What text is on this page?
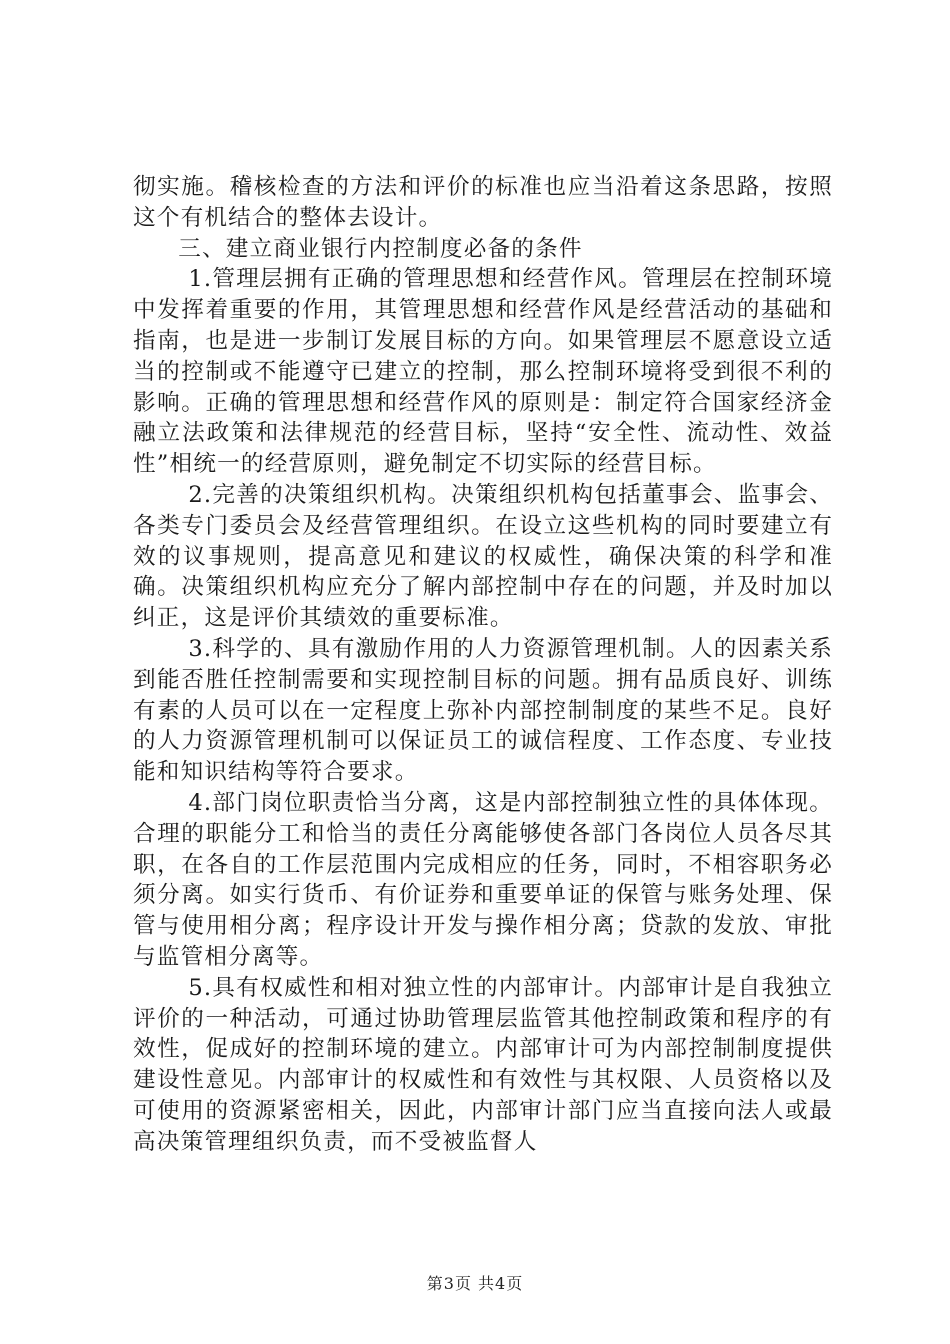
彻实施。稽核检查的方法和评价的标准也应当沿着这条思路，按照这个有机结合的整体去设计。

三、建立商业银行内控制度必备的条件

1.管理层拥有正确的管理思想和经营作风。管理层在控制环境中发挥着重要的作用，其管理思想和经营作风是经营活动的基础和指南，也是进一步制订发展目标的方向。如果管理层不愿意设立适当的控制或不能遵守已建立的控制，那么控制环境将受到很不利的影响。正确的管理思想和经营作风的原则是：制定符合国家经济金融立法政策和法律规范的经营目标，坚持“安全性、流动性、效益性”相统一的经营原则，避免制定不切实际的经营目标。

2.完善的决策组织机构。决策组织机构包括董事会、监事会、各类专门委员会及经营管理组织。在设立这些机构的同时要建立有效的议事规则，提高意见和建议的权威性，确保决策的科学和准确。决策组织机构应充分了解内部控制中存在的问题，并及时加以纠正，这是评价其绩效的重要标准。

3.科学的、具有激励作用的人力资源管理机制。人的因素关系到能否胜任控制需要和实现控制目标的问题。拥有品质良好、训练有素的人员可以在一定程度上弥补内部控制制度的某些不足。良好的人力资源管理机制可以保证员工的诚信程度、工作态度、专业技能和知识结构等符合要求。

4.部门岗位职责恰当分离，这是内部控制独立性的具体体现。合理的职能分工和恰当的责任分离能够使各部门各岗位人员各尽其职，在各自的工作层范围内完成相应的任务，同时，不相容职务必须分离。如实行货币、有价证券和重要单证的保管与账务处理、保管与使用相分离；程序设计开发与操作相分离；贷款的发放、审批与监管相分离等。

5.具有权威性和相对独立性的内部审计。内部审计是自我独立评价的一种活动，可通过协助管理层监管其他控制政策和程序的有效性，促成好的控制环境的建立。内部审计可为内部控制制度提供建设性意见。内部审计的权威性和有效性与其权限、人员资格以及可使用的资源紧密相关，因此，内部审计部门应当直接向法人或最高决策管理组织负责，而不受被监督人

第3页 共4页
